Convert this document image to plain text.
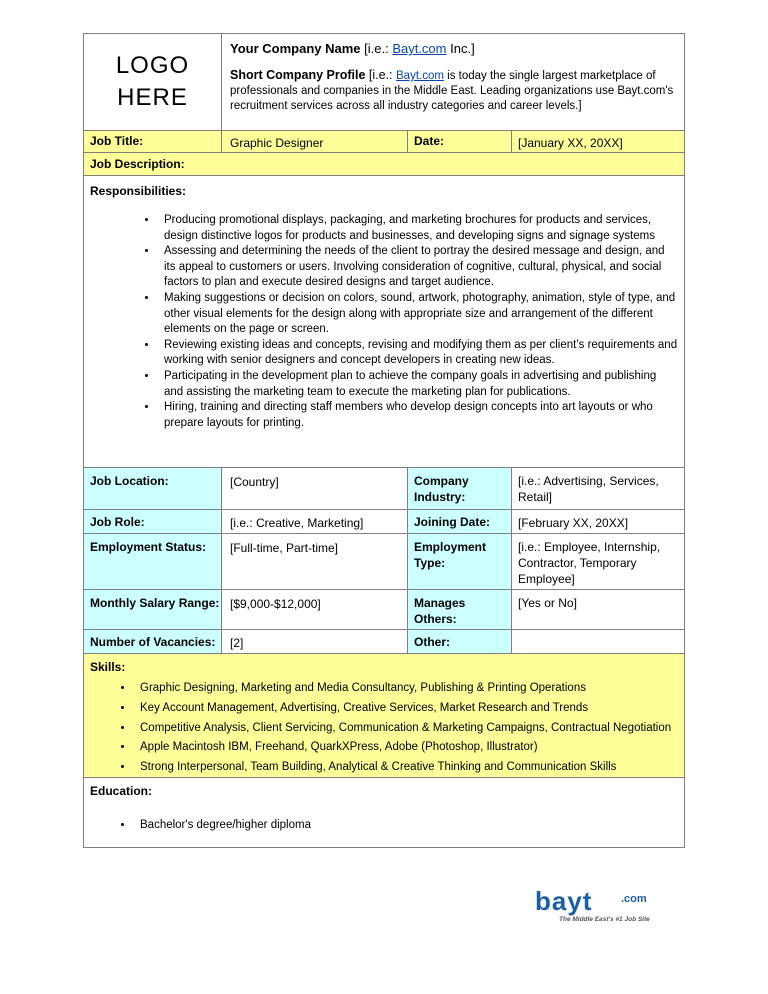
LOGO
HERE
Your Company Name [i.e.: Bayt.com Inc.]
Short Company Profile [i.e.: Bayt.com is today the single largest marketplace of professionals and companies in the Middle East. Leading organizations use Bayt.com's recruitment services across all industry categories and career levels.]
Job Title:	Graphic Designer	Date:	[January XX, 20XX]
Job Description:
Responsibilities:
• Producing promotional displays, packaging, and marketing brochures for products and services, design distinctive logos for products and businesses, and developing signs and signage systems
• Assessing and determining the needs of the client to portray the desired message and design, and its appeal to customers or users. Involving consideration of cognitive, cultural, physical, and social factors to plan and execute desired designs and target audience.
• Making suggestions or decision on colors, sound, artwork, photography, animation, style of type, and other visual elements for the design along with appropriate size and arrangement of the different elements on the page or screen.
• Reviewing existing ideas and concepts, revising and modifying them as per client’s requirements and working with senior designers and concept developers in creating new ideas.
• Participating in the development plan to achieve the company goals in advertising and publishing and assisting the marketing team to execute the marketing plan for publications.
• Hiring, training and directing staff members who develop design concepts into art layouts or who prepare layouts for printing.
Job Location:	[Country]	Company Industry:
[i.e.: Advertising, Services, Retail]
Job Role:	[i.e.: Creative, Marketing]	Joining Date:	[February XX, 20XX]
Employment Status:	[Full-time, Part-time]	Employment Type:
[i.e.: Employee, Internship, Contractor, Temporary Employee]
Monthly Salary Range: [$9,000-$12,000]	Manages Others:
[Yes or No]
Number of Vacancies:	[2]	Other:
Skills:
• Graphic Designing, Marketing and Media Consultancy, Publishing & Printing Operations
• Key Account Management, Advertising, Creative Services, Market Research and Trends
• Competitive Analysis, Client Servicing, Communication & Marketing Campaigns, Contractual Negotiation
• Apple Macintosh IBM, Freehand, QuarkXPress, Adobe (Photoshop, Illustrator)
• Strong Interpersonal, Team Building, Analytical & Creative Thinking and Communication Skills
Education:
• Bachelor's degree/higher diploma
bayt	.com
The Middle East's #1 Job Site
